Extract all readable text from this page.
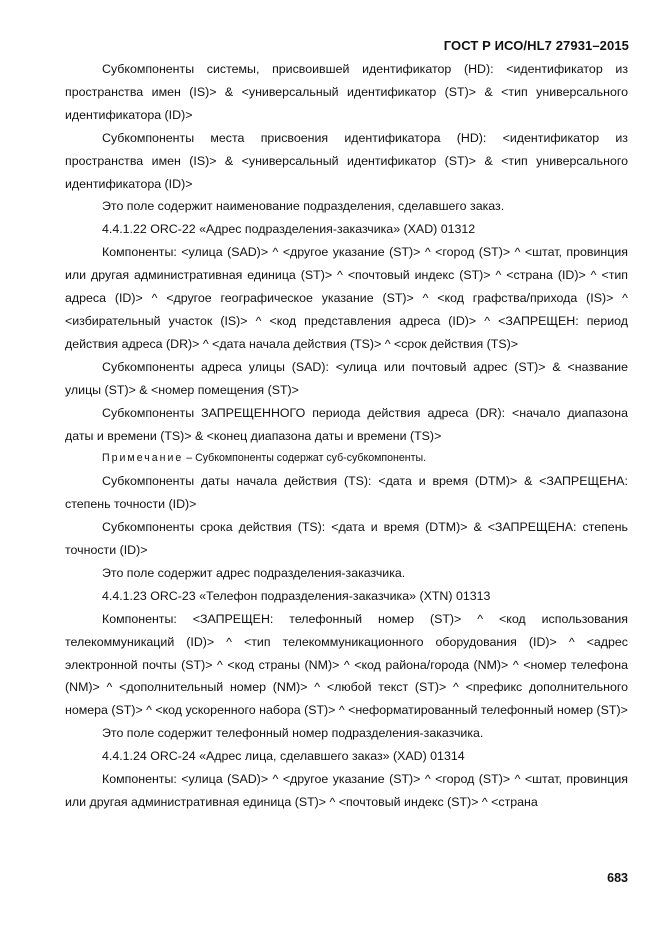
ГОСТ Р ИСО/HL7 27931–2015

Субкомпоненты системы, присвоившей идентификатор (HD): <идентификатор из пространства имен (IS)> & <универсальный идентификатор (ST)> & <тип универсального идентификатора (ID)>

Субкомпоненты места присвоения идентификатора (HD): <идентификатор из пространства имен (IS)> & <универсальный идентификатор (ST)> & <тип универсального идентификатора (ID)>

Это поле содержит наименование подразделения, сделавшего заказ.

4.4.1.22 ORC-22 «Адрес подразделения-заказчика» (XAD) 01312

Компоненты: <улица (SAD)> ^ <другое указание (ST)> ^ <город (ST)> ^ <штат, провинция или другая административная единица (ST)> ^ <почтовый индекс (ST)> ^ <страна (ID)> ^ <тип адреса (ID)> ^ <другое географическое указание (ST)> ^ <код графства/прихода (IS)> ^ <избирательный участок (IS)> ^ <код представления адреса (ID)> ^ <ЗАПРЕЩЕН: период действия адреса (DR)> ^ <дата начала действия (TS)> ^ <срок действия (TS)>

Субкомпоненты адреса улицы (SAD): <улица или почтовый адрес (ST)> & <название улицы (ST)> & <номер помещения (ST)>

Субкомпоненты ЗАПРЕЩЕННОГО периода действия адреса (DR): <начало диапазона даты и времени (TS)> & <конец диапазона даты и времени (TS)>

Примечание – Субкомпоненты содержат суб-субкомпоненты.

Субкомпоненты даты начала действия (TS): <дата и время (DTM)> & <ЗАПРЕЩЕНА: степень точности (ID)>

Субкомпоненты срока действия (TS): <дата и время (DTM)> & <ЗАПРЕЩЕНА: степень точности (ID)>

Это поле содержит адрес подразделения-заказчика.

4.4.1.23 ORC-23 «Телефон подразделения-заказчика» (XTN) 01313

Компоненты: <ЗАПРЕЩЕН: телефонный номер (ST)> ^ <код использования телекоммуникаций (ID)> ^ <тип телекоммуникационного оборудования (ID)> ^ <адрес электронной почты (ST)> ^ <код страны (NM)> ^ <код района/города (NM)> ^ <номер телефона (NM)> ^ <дополнительный номер (NM)> ^ <любой текст (ST)> ^ <префикс дополнительного номера (ST)> ^ <код ускоренного набора (ST)> ^ <неформатированный телефонный номер (ST)>

Это поле содержит телефонный номер подразделения-заказчика.

4.4.1.24 ORC-24 «Адрес лица, сделавшего заказ» (XAD) 01314

Компоненты: <улица (SAD)> ^ <другое указание (ST)> ^ <город (ST)> ^ <штат, провинция или другая административная единица (ST)> ^ <почтовый индекс (ST)> ^ <страна

683
